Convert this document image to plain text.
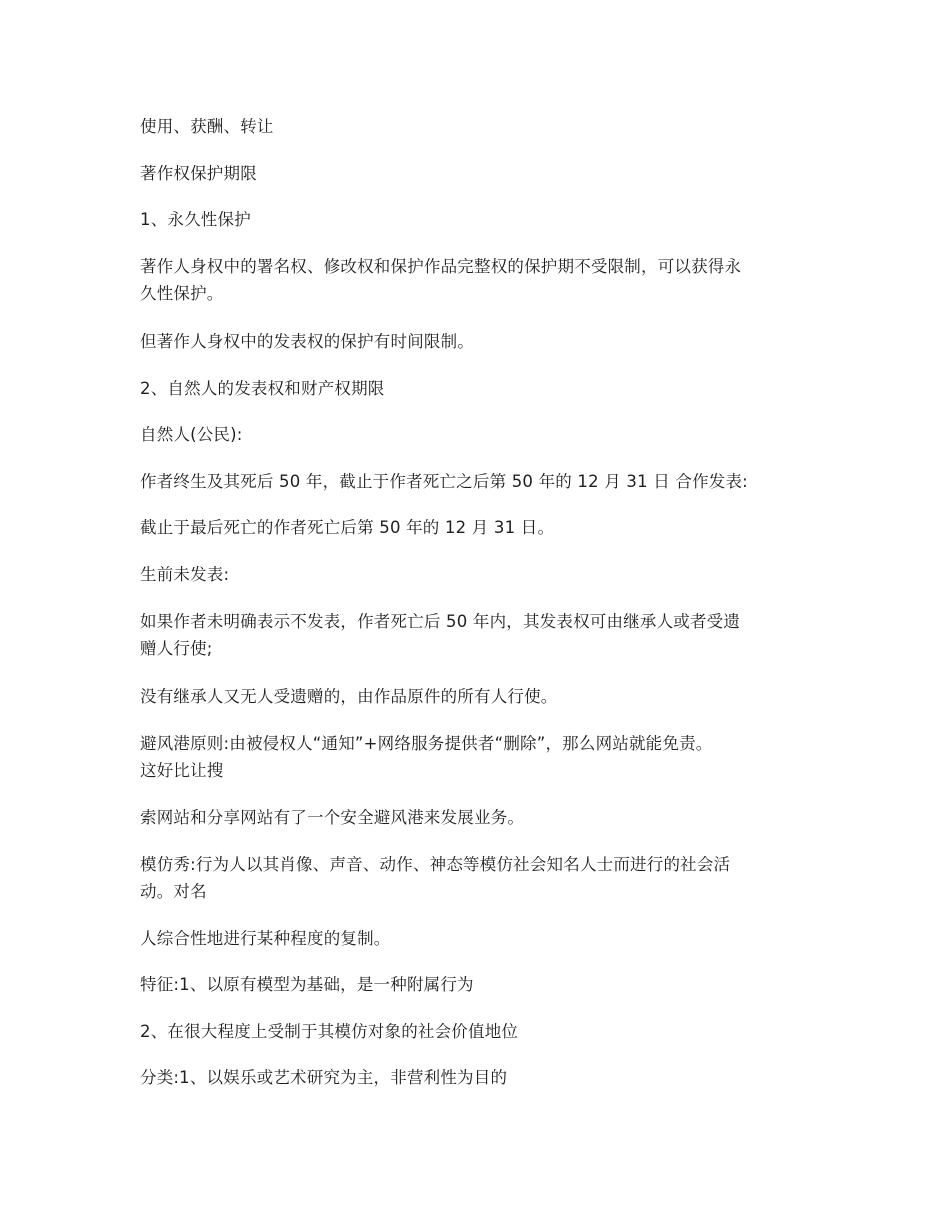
使用、获酬、转让

著作权保护期限

1、永久性保护

著作人身权中的署名权、修改权和保护作品完整权的保护期不受限制，可以获得永
久性保护。

但著作人身权中的发表权的保护有时间限制。

2、自然人的发表权和财产权期限

自然人(公民):

作者终生及其死后 50 年，截止于作者死亡之后第 50 年的 12 月 31 日 合作发表:

截止于最后死亡的作者死亡后第 50 年的 12 月 31 日。

生前未发表:

如果作者未明确表示不发表，作者死亡后 50 年内，其发表权可由继承人或者受遗
赠人行使;

没有继承人又无人受遗赠的，由作品原件的所有人行使。

避风港原则:由被侵权人“通知”+网络服务提供者“删除”，那么网站就能免责。
这好比让搜

索网站和分享网站有了一个安全避风港来发展业务。

模仿秀:行为人以其肖像、声音、动作、神态等模仿社会知名人士而进行的社会活
动。对名

人综合性地进行某种程度的复制。

特征:1、以原有模型为基础，是一种附属行为

2、在很大程度上受制于其模仿对象的社会价值地位

分类:1、以娱乐或艺术研究为主，非营利性为目的
